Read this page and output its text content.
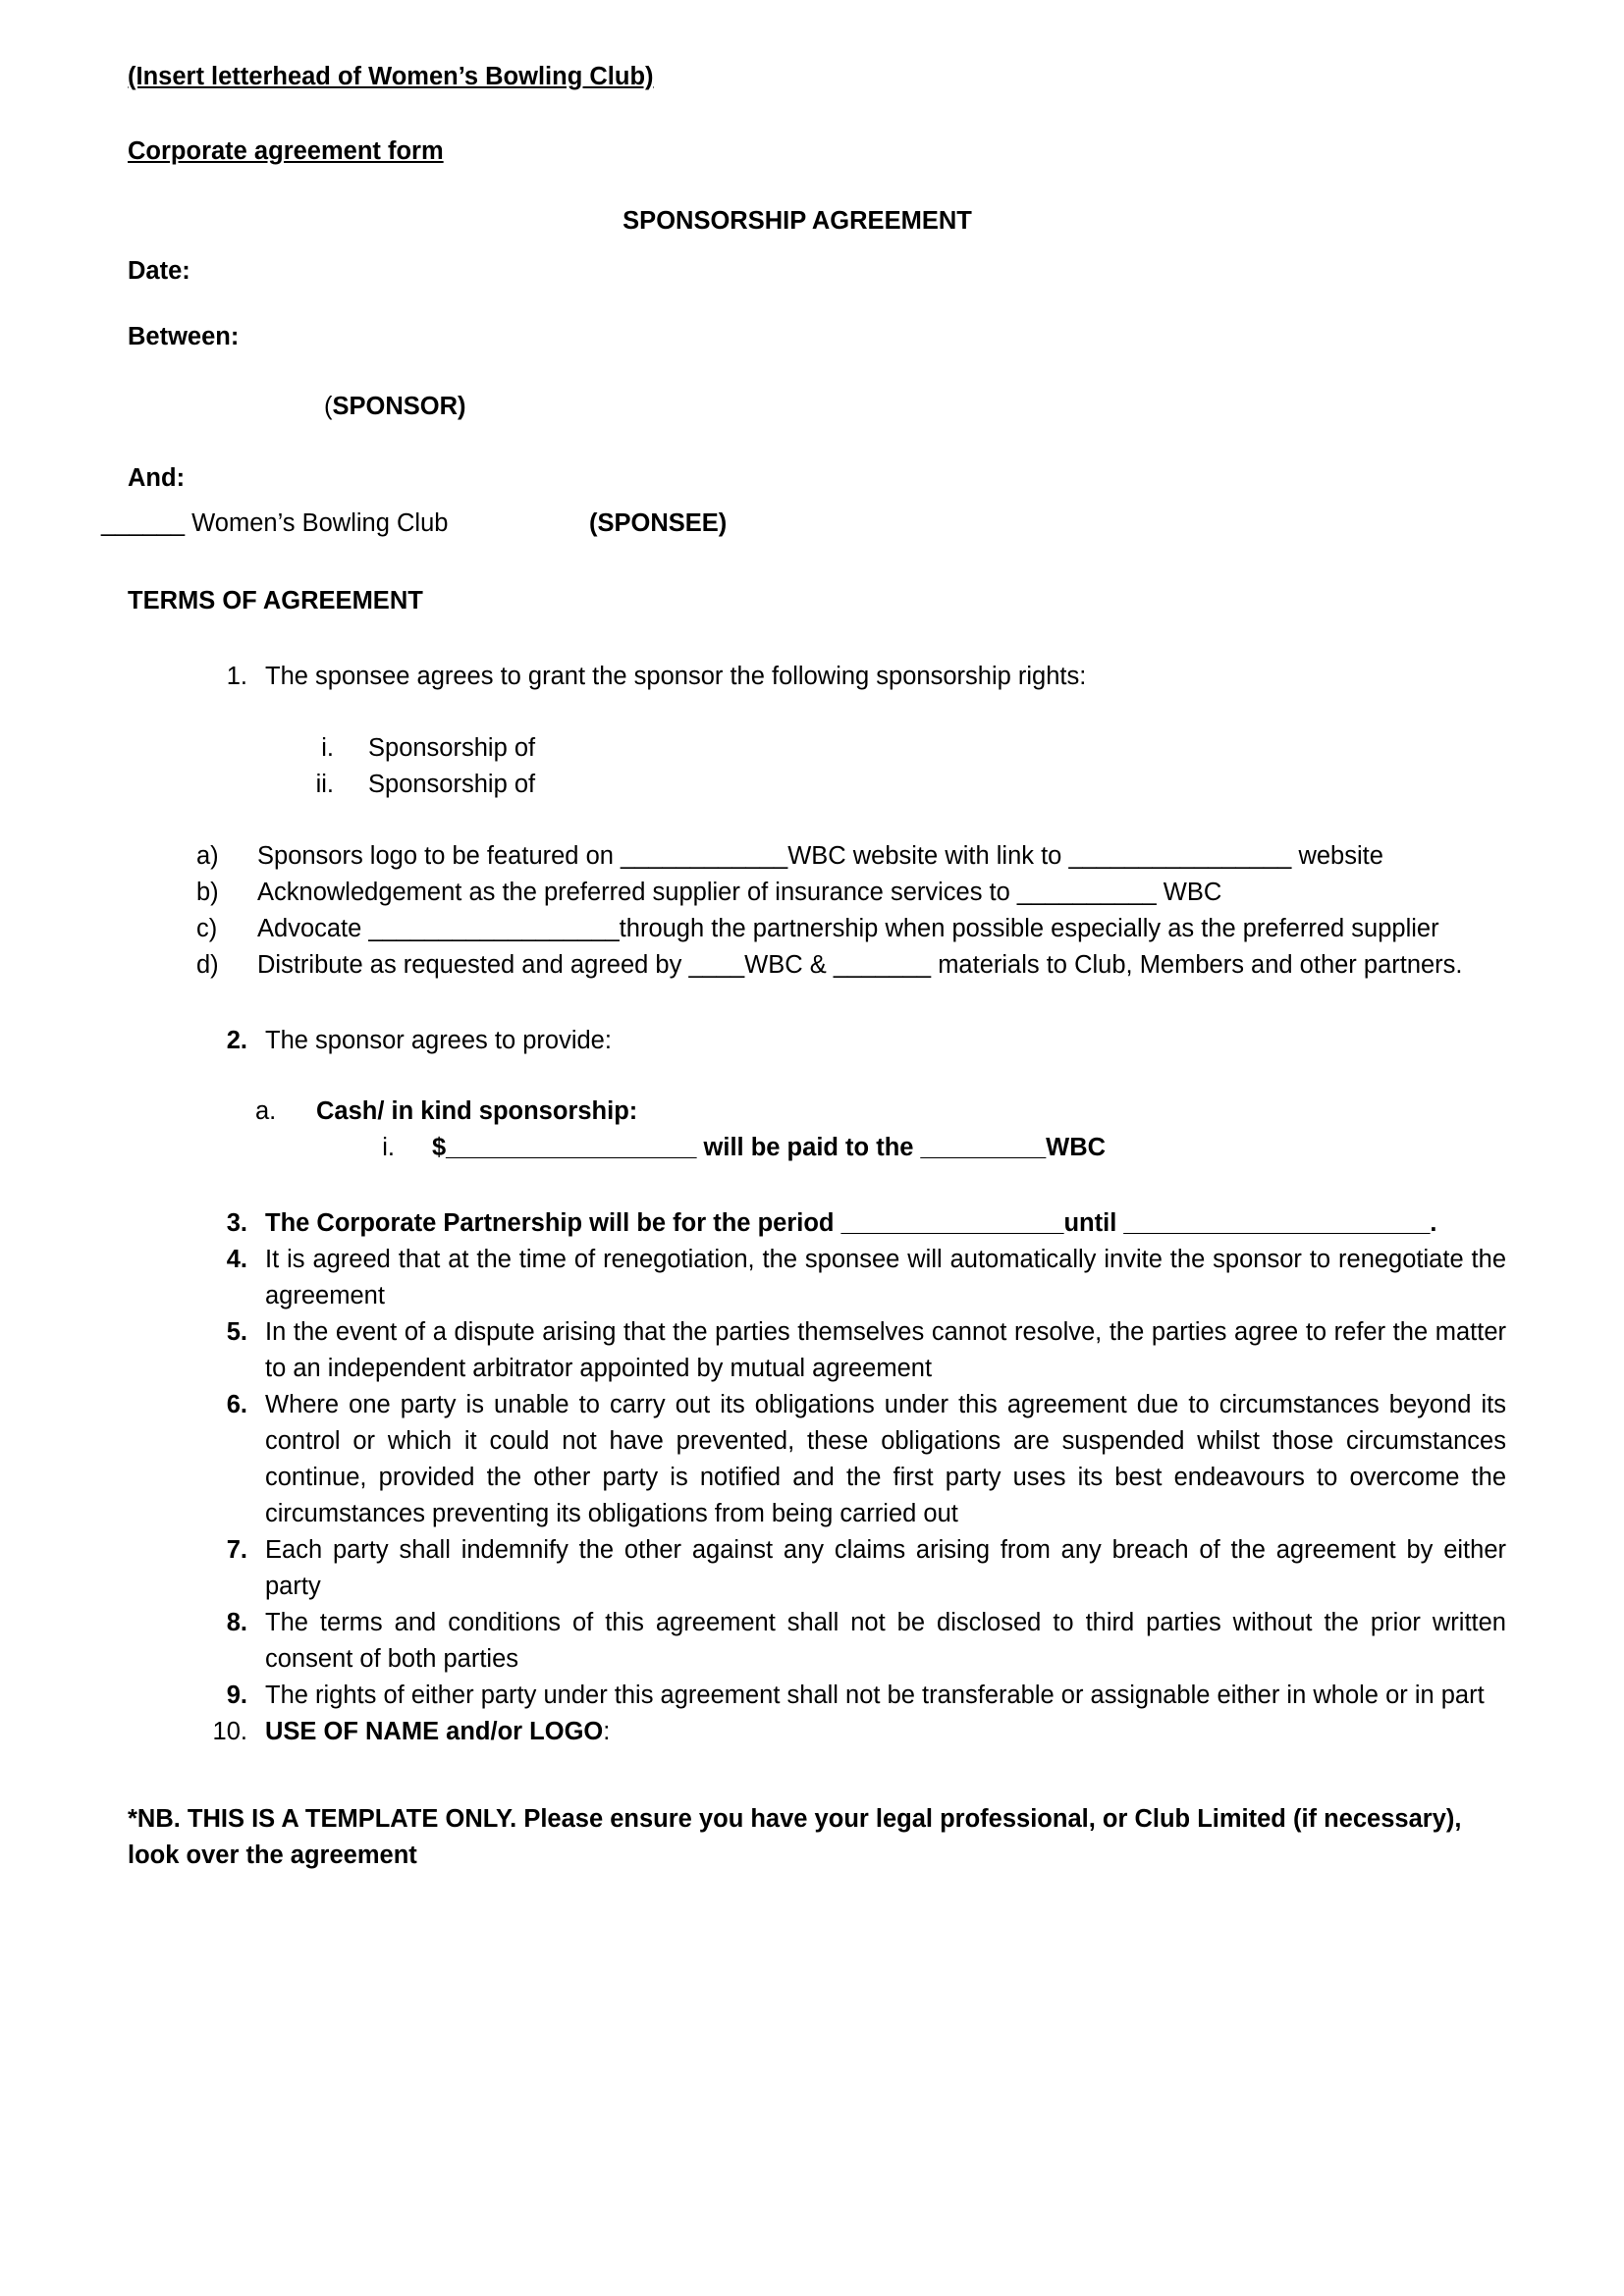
(Insert letterhead of Women’s Bowling Club)
Corporate agreement form
SPONSORSHIP AGREEMENT
Date:
Between:
(SPONSOR)
And:
______ Women’s Bowling Club	(SPONSEE)
TERMS OF AGREEMENT
1. The sponsee agrees to grant the sponsor the following sponsorship rights:
i. Sponsorship of
ii. Sponsorship of
a)	Sponsors logo to be featured on ____________WBC website with link to ________________ website
b)	Acknowledgement as the preferred supplier of insurance services to __________ WBC
c)	Advocate __________________through the partnership when possible especially as the preferred supplier
d)	Distribute as requested and agreed by ____WBC & _______ materials to Club, Members and other partners.
2. The sponsor agrees to provide:
a.	Cash/ in kind sponsorship:
i. $__________________ will be paid to the _________WBC
3. The Corporate Partnership will be for the period ________________until ______________________.
4. It is agreed that at the time of renegotiation, the sponsee will automatically invite the sponsor to renegotiate the agreement
5. In the event of a dispute arising that the parties themselves cannot resolve, the parties agree to refer the matter to an independent arbitrator appointed by mutual agreement
6. Where one party is unable to carry out its obligations under this agreement due to circumstances beyond its control or which it could not have prevented, these obligations are suspended whilst those circumstances continue, provided the other party is notified and the first party uses its best endeavours to overcome the circumstances preventing its obligations from being carried out
7. Each party shall indemnify the other against any claims arising from any breach of the agreement by either party
8. The terms and conditions of this agreement shall not be disclosed to third parties without the prior written consent of both parties
9. The rights of either party under this agreement shall not be transferable or assignable either in whole or in part
10. USE OF NAME and/or LOGO:
*NB. THIS IS A TEMPLATE ONLY. Please ensure you have your legal professional, or Club Limited (if necessary), look over the agreement
